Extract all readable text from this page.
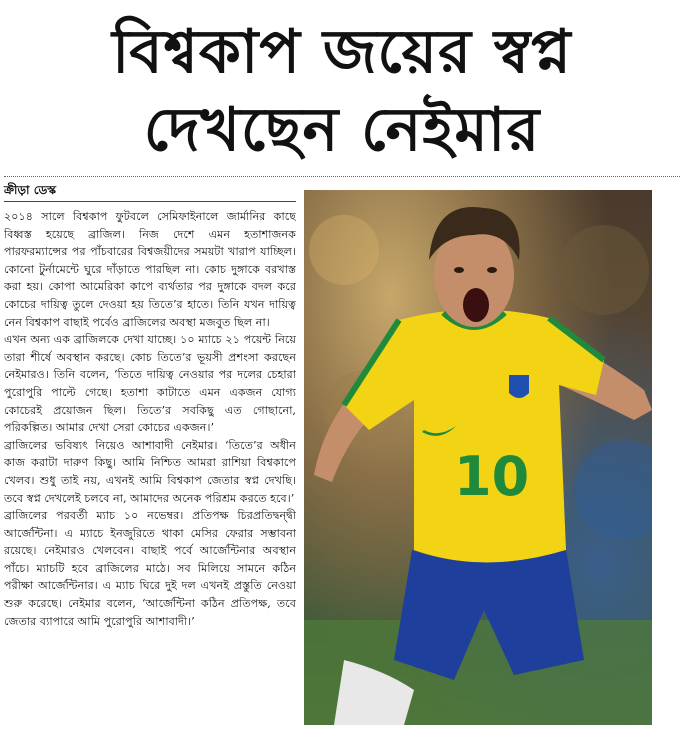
বিশ্বকাপ জয়ের স্বপ্ন
দেখছেন নেইমার
ক্রীড়া ডেস্ক

২০১৪ সালে বিশ্বকাপ ফুটবলে সেমিফাইনালে জার্মানির কাছে বিধ্বস্ত হয়েছে ব্রাজিল। নিজ দেশে এমন হতাশাজনক পারফরম্যান্সের পর পাঁচবারের বিশ্বজয়ীদের সময়টা খারাপ যাচ্ছিল। কোনো টুর্নামেন্টে ঘুরে দাঁড়াতে পারছিল না। কোচ দুঙ্গাকে বরখাস্ত করা হয়। কোপা আমেরিকা কাপে ব্যর্থতার পর দুঙ্গাকে বদল করে কোচের দায়িত্ব তুলে দেওয়া হয় তিতে’র হাতে। তিনি যখন দায়িত্ব নেন বিশ্বকাপ বাছাই পর্বেও ব্রাজিলের অবস্থা মজবুত ছিল না।

এখন অন্য এক ব্রাজিলকে দেখা যাচ্ছে। ১০ ম্যাচে ২১ পয়েন্ট নিয়ে তারা শীর্ষে অবস্থান করছে। কোচ তিতে’র ভূয়সী প্রশংসা করছেন নেইমারও। তিনি বলেন, ‘তিতে দায়িত্ব নেওয়ার পর দলের চেহারা পুরোপুরি পাল্টে গেছে। হতাশা কাটাতে এমন একজন যোগ্য কোচেরই প্রয়োজন ছিল। তিতে’র সবকিছু এত গোছানো, পরিকল্পিত। আমার দেখা সেরা কোচের একজন।’

ব্রাজিলের ভবিষ্যৎ নিয়েও আশাবাদী নেইমার। ‘তিতে’র অধীন কাজ করাটা দারুণ কিছু। আমি নিশ্চিত আমরা রাশিয়া বিশ্বকাপে খেলব। শুধু তাই নয়, এখনই আমি বিশ্বকাপ জেতার স্বপ্ন দেখছি। তবে স্বপ্ন দেখলেই চলবে না, আমাদের অনেক পরিশ্রম করতে হবে।’

ব্রাজিলের পরবর্তী ম্যাচ ১০ নভেম্বর। প্রতিপক্ষ চিরপ্রতিদ্বন্দ্বী আর্জেন্টিনা। এ ম্যাচে ইনজুরিতে থাকা মেসির ফেরার সম্ভাবনা রয়েছে। নেইমারও খেলবেন। বাছাই পর্বে আর্জেন্টিনার অবস্থান পাঁচে। ম্যাচটি হবে ব্রাজিলের মাঠে। সব মিলিয়ে সামনে কঠিন পরীক্ষা আর্জেন্টিনার। এ ম্যাচ ঘিরে দুই দল এখনই প্রস্তুতি নেওয়া শুরু করেছে। নেইমার বলেন, ‘আর্জেন্টিনা কঠিন প্রতিপক্ষ, তবে জেতার ব্যাপারে আমি পুরোপুরি আশাবাদী।’

10
